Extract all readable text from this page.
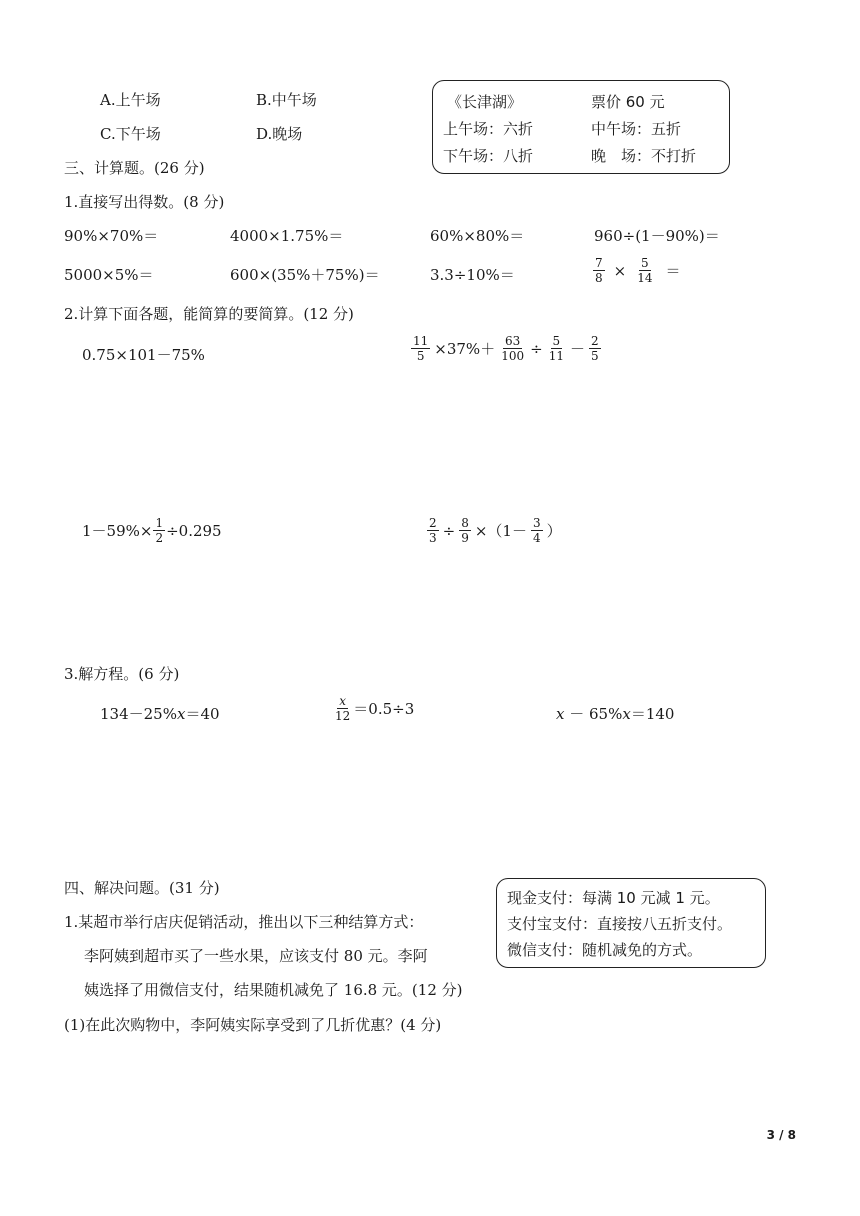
A.上午场	B.中午场
C.下午场	D.晚场
《长津湖》	票价 60 元
上午场：六折	中午场：五折
下午场：八折	晚　场：不打折
三、计算题。(26 分)
1.直接写出得数。(8 分)
90%×70%＝	4000×1.75%＝	60%×80%＝	960÷(1－90%)＝
5000×5%＝	600×(35%＋75%)＝	3.3÷10%＝	$\frac{7}{8} \times \frac{5}{14}$ ＝
2.计算下面各题，能简算的要简算。(12 分)
0.75×101－75%	$\frac{11}{5} \times 37\%+ \frac{63}{100} \div \frac{5}{11} - \frac{2}{5}$
$1-59\%\times \frac{1}{2} \div 0.295$	$\frac{2}{3} \div \frac{8}{9} \times(1- \frac{3}{4}$ ）
3.解方程。(6 分)
134－25%x＝40	$\frac{x}{12} =0.5\div 3$	x － 65%x＝140
四、解决问题。(31 分)
1.某超市举行店庆促销活动，推出以下三种结算方式：
李阿姨到超市买了一些水果，应该支付 80 元。李阿
姨选择了用微信支付，结果随机减免了 16.8 元。(12 分)
(1)在此次购物中，李阿姨实际享受到了几折优惠？(4 分)
现金支付：每满 10 元减 1 元。
支付宝支付：直接按八五折支付。
微信支付：随机减免的方式。
3 / 8
